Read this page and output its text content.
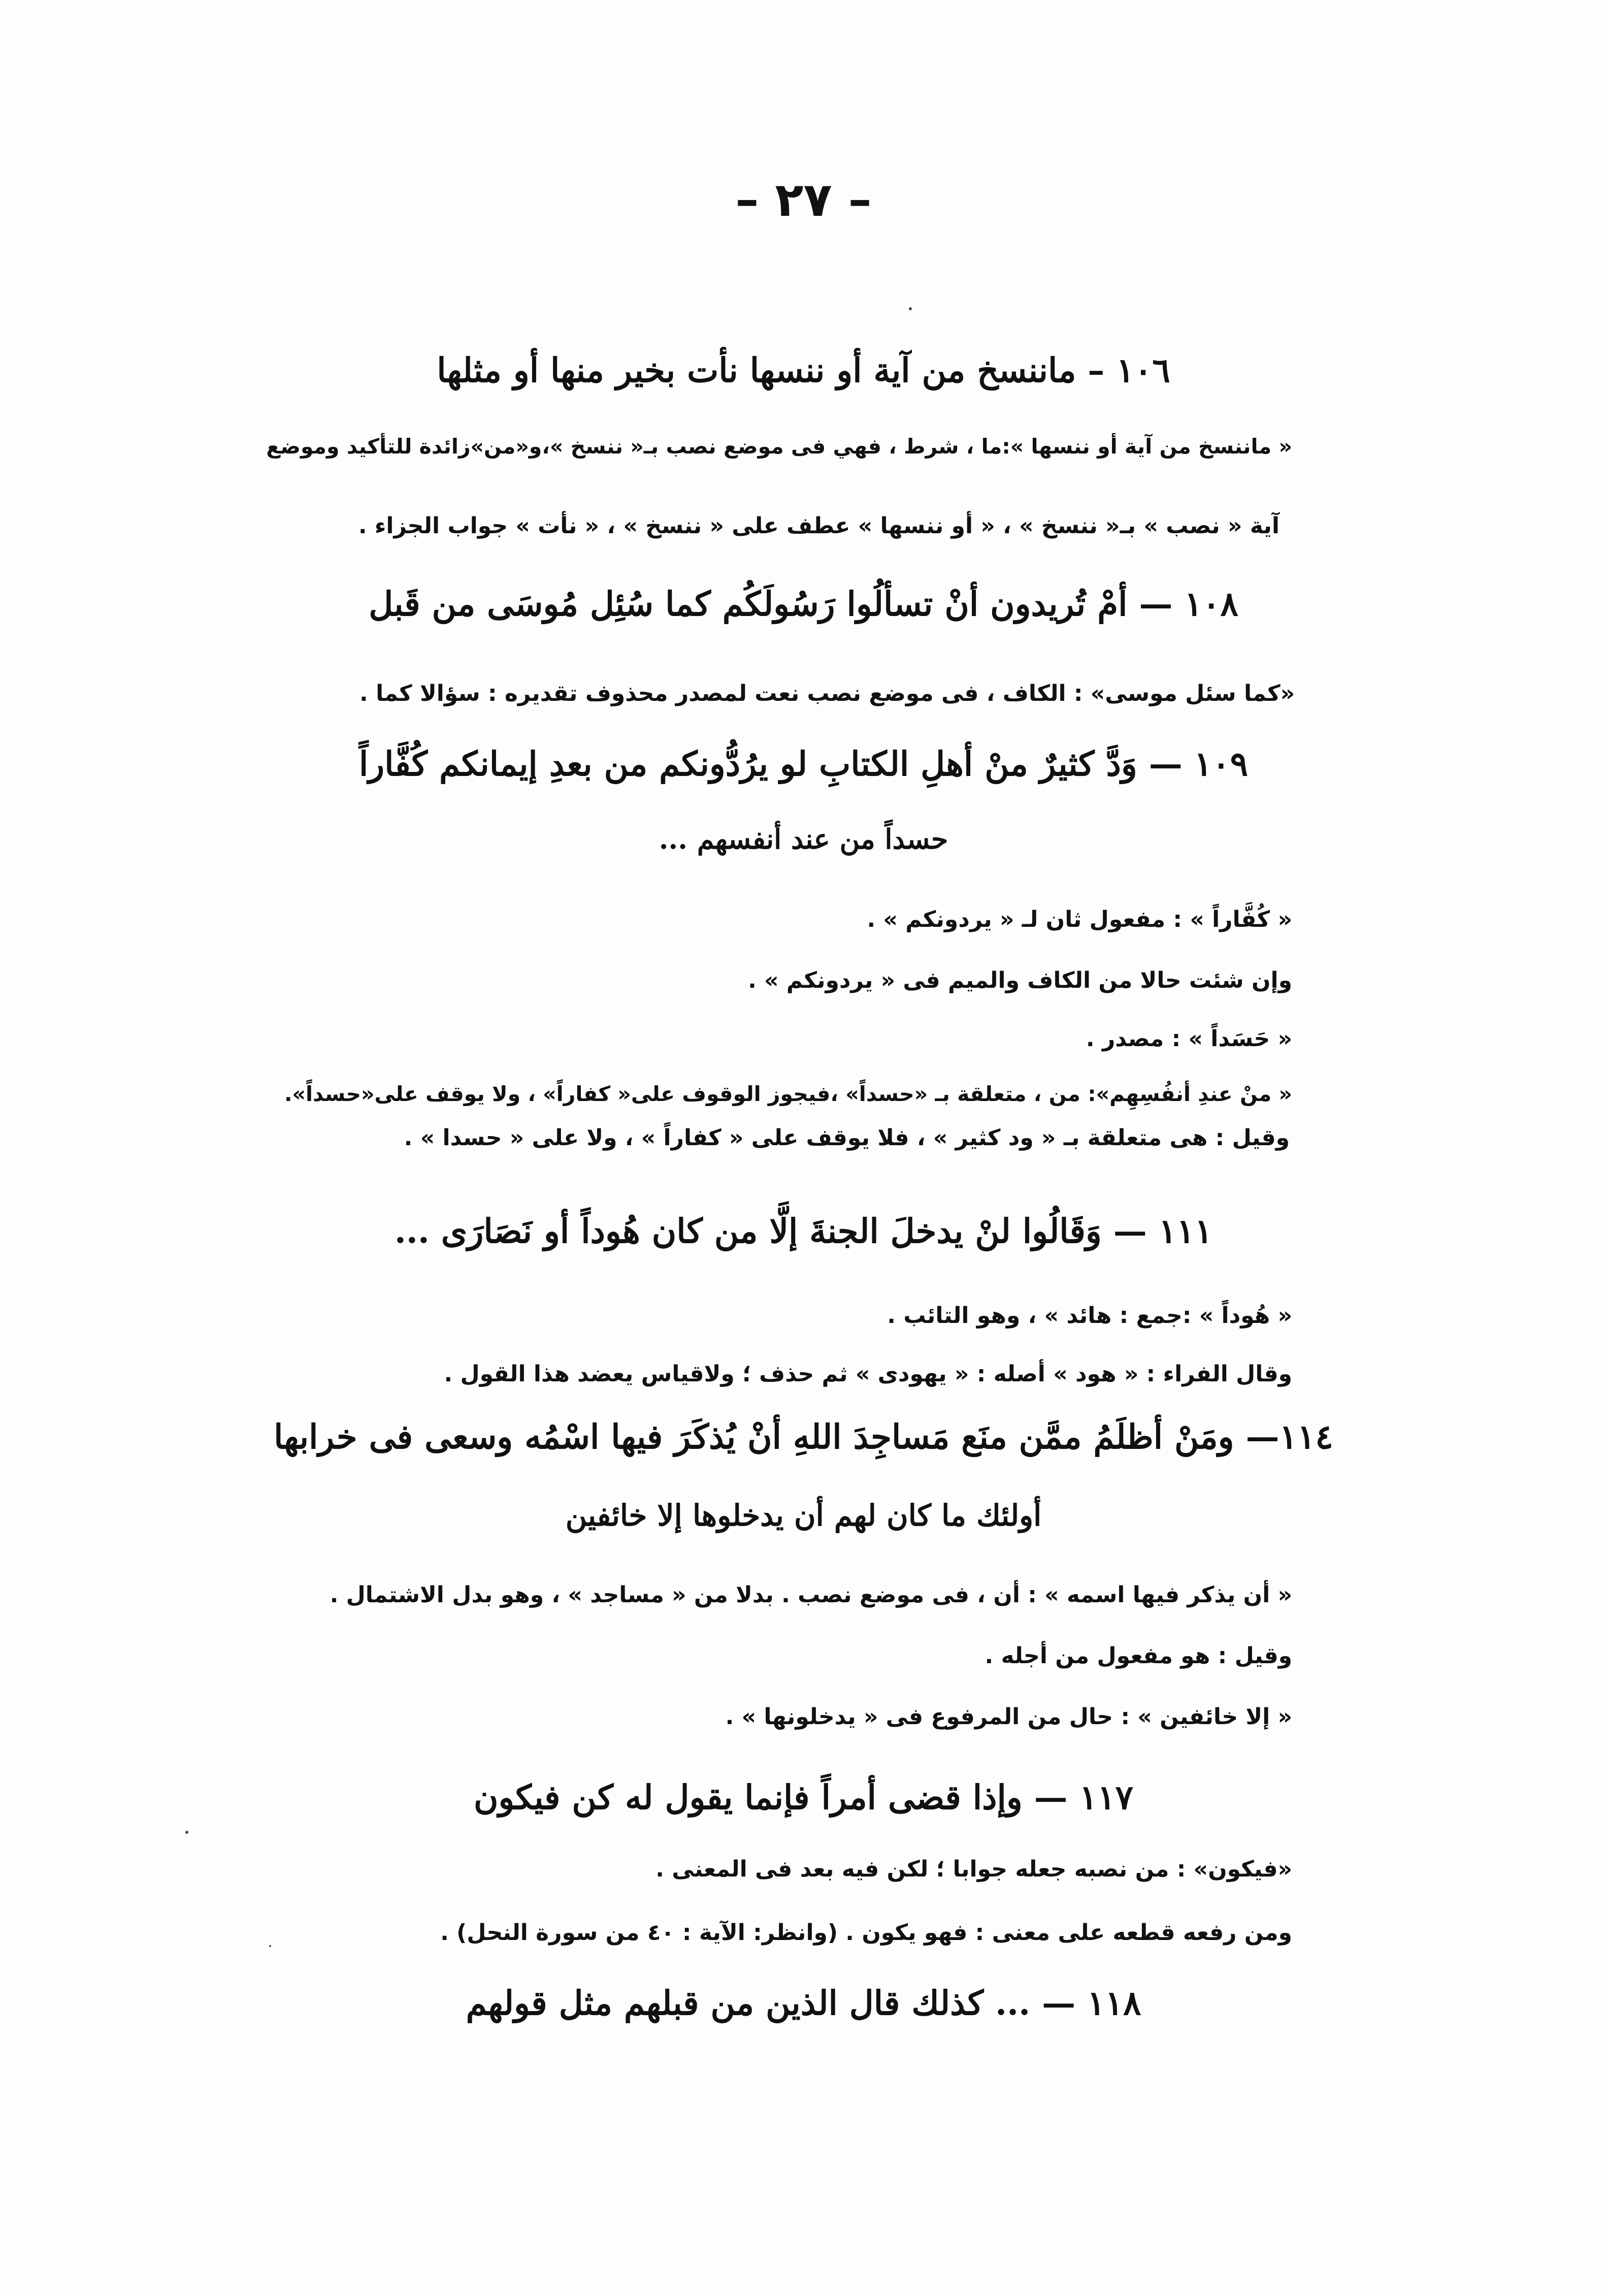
– ٢٧ –
١٠٦ – ماننسخ من آية أو ننسها نأت بخير منها أو مثلها
« ماننسخ من آية أو ننسها »:ما ، شرط ، فهي فى موضع نصب بـ« ننسخ »،و«من»زائدة للتأكيد وموضع
آية « نصب » بـ« ننسخ » ، « أو ننسها » عطف على « ننسخ » ، « نأت » جواب الجزاء .
١٠٨ — أمْ تُريدون أنْ تسألُوا رَسُولَكُم كما سُئِل مُوسَى من قَبل
«كما سئل موسى» : الكاف ، فى موضع نصب نعت لمصدر محذوف تقديره : سؤالا كما .
١٠٩ — وَدَّ كثيرٌ منْ أهلِ الكتابِ لو يرُدُّونكم من بعدِ إيمانكم كُفَّاراً
حسداً من عند أنفسهم ...
« كُفَّاراً » : مفعول ثان لـ « يردونكم » .
وإن شئت حالا من الكاف والميم فى « يردونكم » .
« حَسَداً » : مصدر .
« منْ عندِ أنفُسِهِم»: من ، متعلقة بـ «حسداً» ،فيجوز الوقوف على« كفاراً» ، ولا يوقف على«حسداً».
وقيل : هى متعلقة بـ « ود كثير » ، فلا يوقف على « كفاراً » ، ولا على « حسدا » .
١١١ — وَقَالُوا لنْ يدخلَ الجنةَ إلَّا من كان هُوداً أو نَصَارَى ...
« هُوداً » :جمع : هائد » ، وهو التائب .
وقال الفراء : « هود » أصله : « يهودى » ثم حذف ؛ ولاقياس يعضد هذا القول .
١١٤— ومَنْ أظلَمُ ممَّن منَع مَساجِدَ اللهِ أنْ يُذكَرَ فيها اسْمُه وسعى فى خرابها
أولئك ما كان لهم أن يدخلوها إلا خائفين
« أن يذكر فيها اسمه » : أن ، فى موضع نصب . بدلا من « مساجد » ، وهو بدل الاشتمال .
وقيل : هو مفعول من أجله .
« إلا خائفين » : حال من المرفوع فى « يدخلونها » .
١١٧ — وإذا قضى أمراً فإنما يقول له كن فيكون
«فيكون» : من نصبه جعله جوابا ؛ لكن فيه بعد فى المعنى .
ومن رفعه قطعه على معنى : فهو يكون . (وانظر: الآية : ٤٠ من سورة النحل) .
١١٨ — ... كذلك قال الذين من قبلهم مثل قولهم
